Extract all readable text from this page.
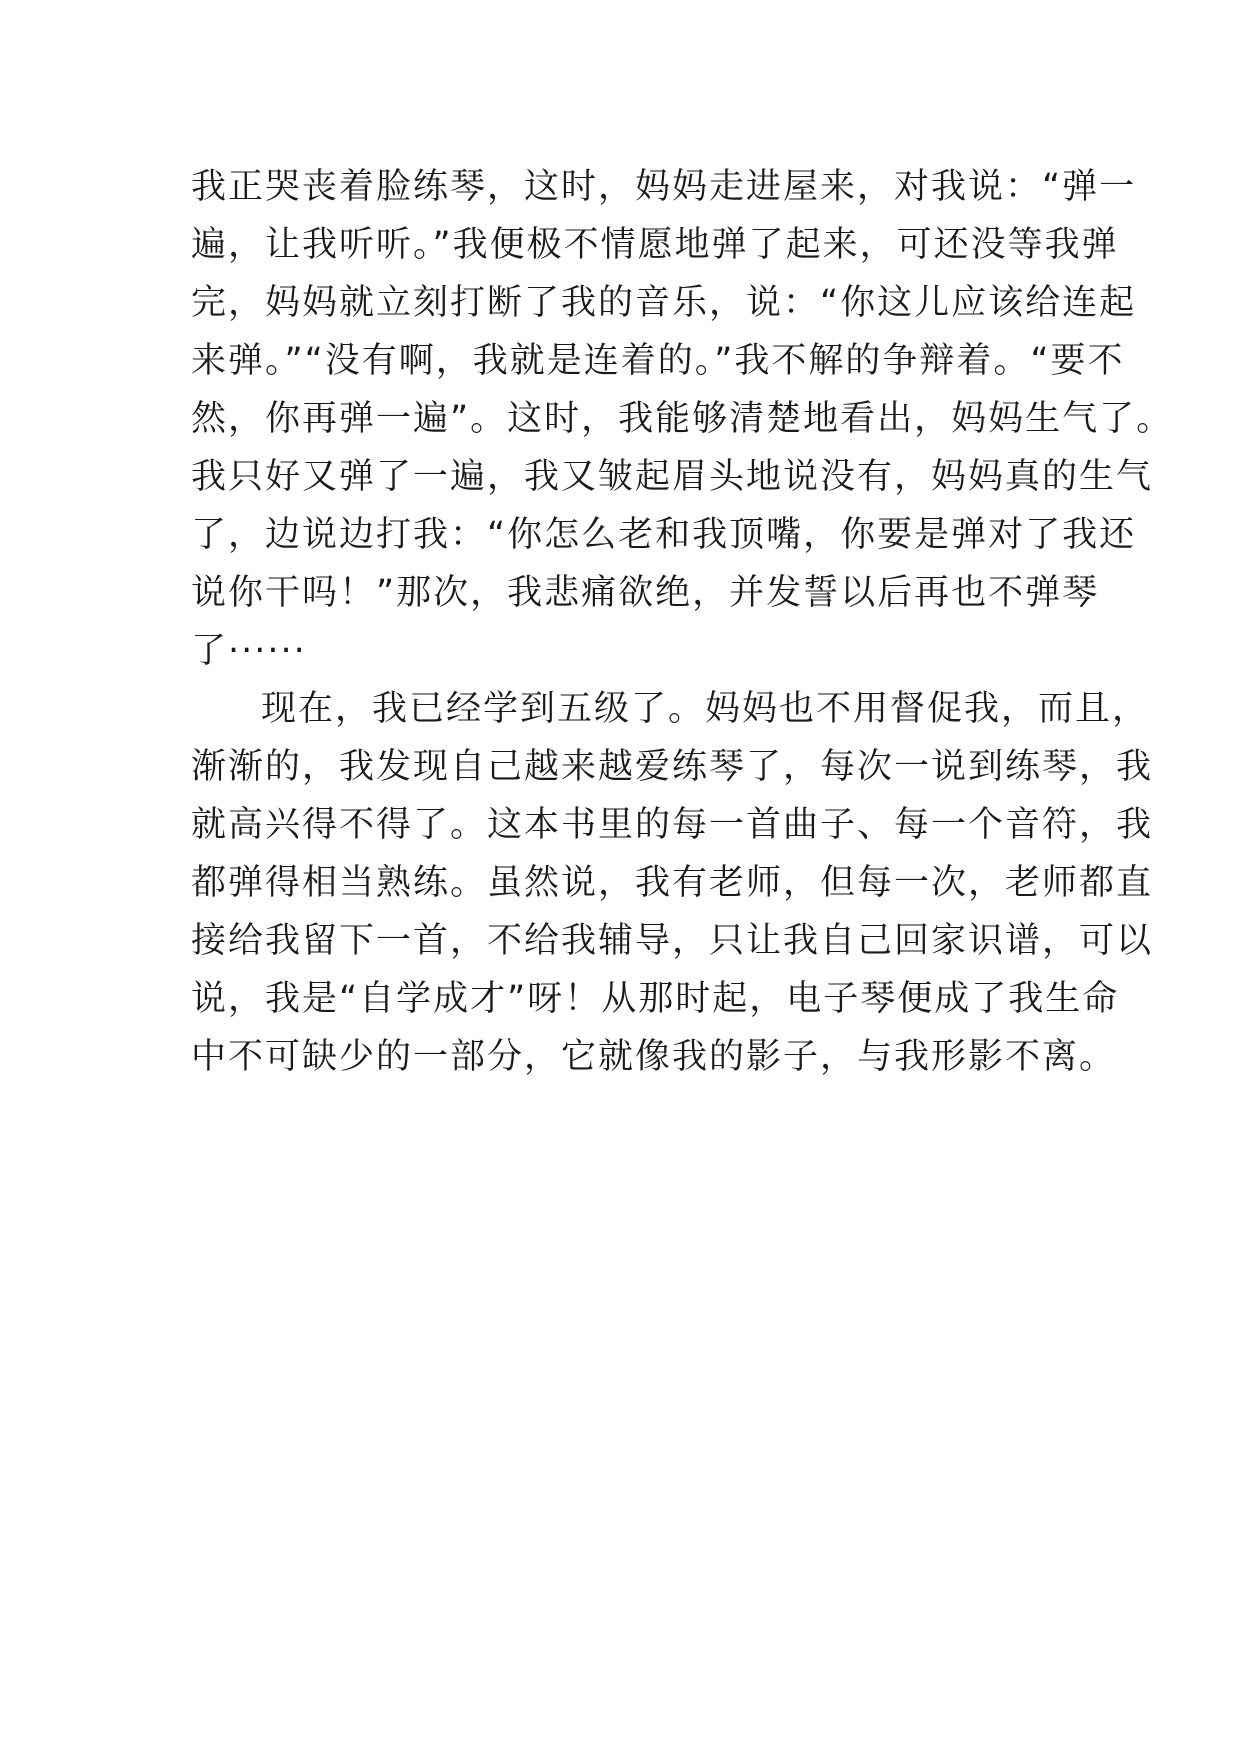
我正哭丧着脸练琴，这时，妈妈走进屋来，对我说：“弹一
遍，让我听听。”我便极不情愿地弹了起来，可还没等我弹
完，妈妈就立刻打断了我的音乐，说：“你这儿应该给连起
来弹。”“没有啊，我就是连着的。”我不解的争辩着。“要不
然，你再弹一遍”。这时，我能够清楚地看出，妈妈生气了。
我只好又弹了一遍，我又皱起眉头地说没有，妈妈真的生气
了，边说边打我：“你怎么老和我顶嘴，你要是弹对了我还
说你干吗！”那次，我悲痛欲绝，并发誓以后再也不弹琴
了······
现在，我已经学到五级了。妈妈也不用督促我，而且，
渐渐的，我发现自己越来越爱练琴了，每次一说到练琴，我
就高兴得不得了。这本书里的每一首曲子、每一个音符，我
都弹得相当熟练。虽然说，我有老师，但每一次，老师都直
接给我留下一首，不给我辅导，只让我自己回家识谱，可以
说，我是“自学成才”呀！从那时起，电子琴便成了我生命
中不可缺少的一部分，它就像我的影子，与我形影不离。
